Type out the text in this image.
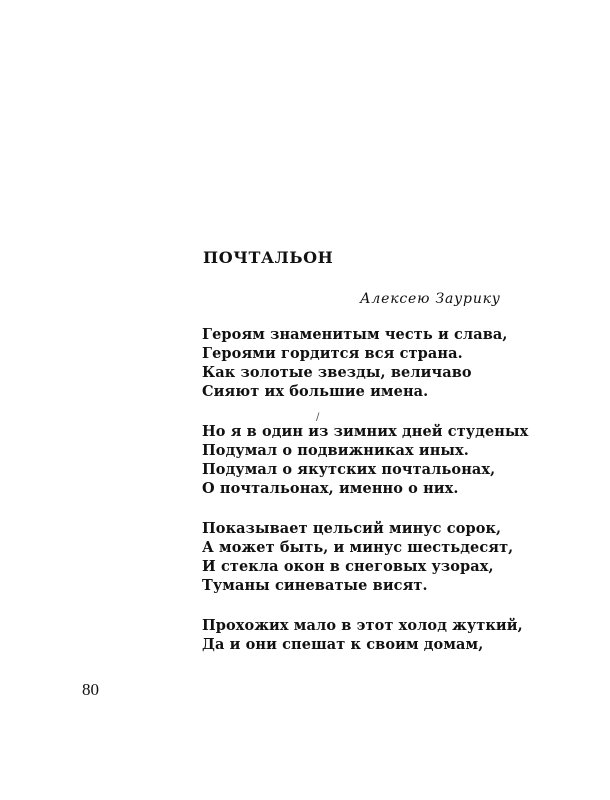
ПОЧТАЛЬОН
Алексею Заурику
/
Героям знаменитым честь и слава,
Героями гордится вся страна.
Как золотые звезды, величаво
Сияют их большие имена.
Но я в один из зимних дней студеных
Подумал о подвижниках иных.
Подумал о якутских почтальонах,
О почтальонах, именно о них.
Показывает цельсий минус сорок,
А может быть, и минус шестьдесят,
И стекла окон в снеговых узорах,
Туманы синеватые висят.
Прохожих мало в этот холод жуткий,
Да и они спешат к своим домам,
80
